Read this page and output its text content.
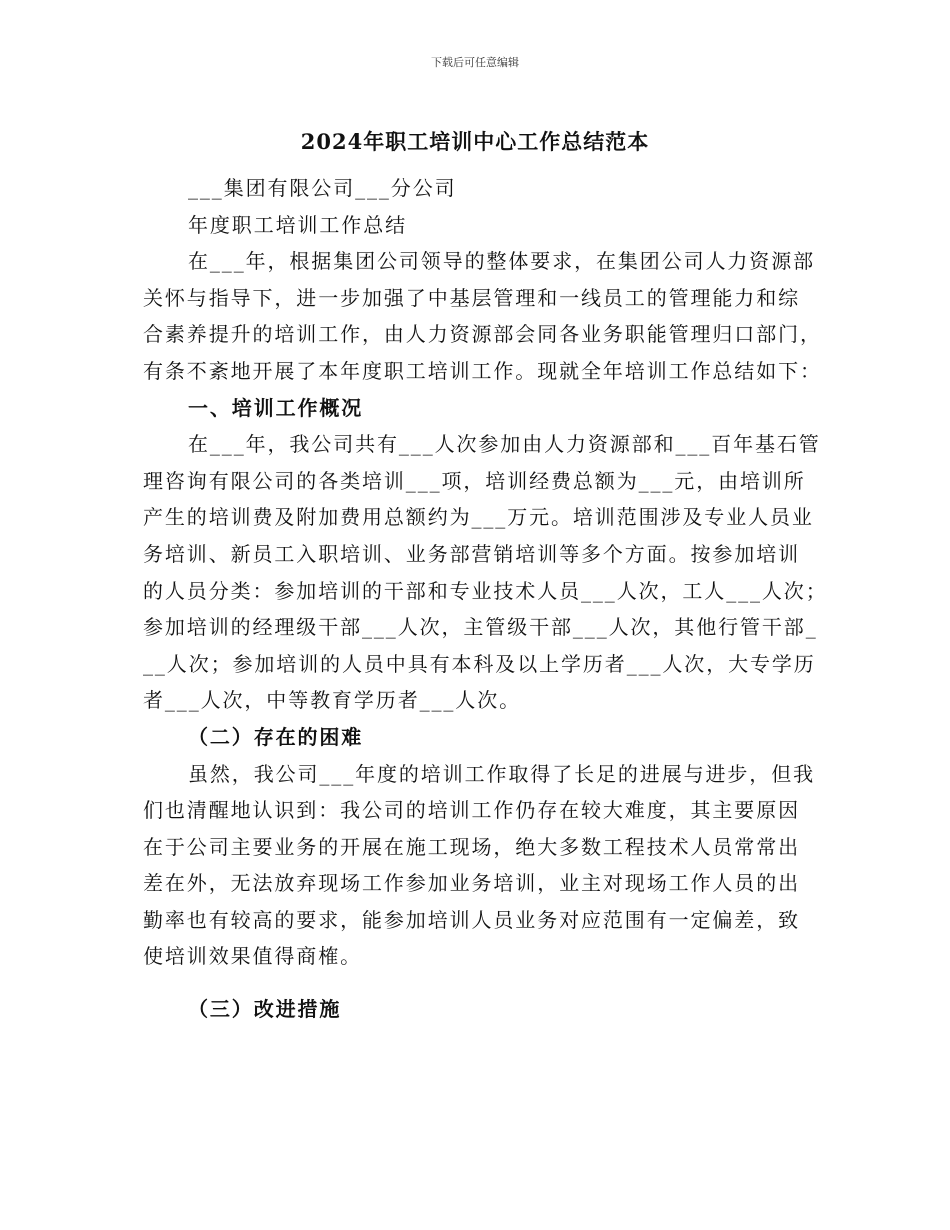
下载后可任意编辑
2024年职工培训中心工作总结范本
___集团有限公司___分公司
年度职工培训工作总结
在___年，根据集团公司领导的整体要求，在集团公司人力资源部
关怀与指导下，进一步加强了中基层管理和一线员工的管理能力和综
合素养提升的培训工作，由人力资源部会同各业务职能管理归口部门，
有条不紊地开展了本年度职工培训工作。现就全年培训工作总结如下：
一、培训工作概况
在___年，我公司共有___人次参加由人力资源部和___百年基石管
理咨询有限公司的各类培训___项，培训经费总额为___元，由培训所
产生的培训费及附加费用总额约为___万元。培训范围涉及专业人员业
务培训、新员工入职培训、业务部营销培训等多个方面。按参加培训
的人员分类：参加培训的干部和专业技术人员___人次，工人___人次；
参加培训的经理级干部___人次，主管级干部___人次，其他行管干部_
__人次；参加培训的人员中具有本科及以上学历者___人次，大专学历
者___人次，中等教育学历者___人次。
（二）存在的困难
虽然，我公司___年度的培训工作取得了长足的进展与进步，但我
们也清醒地认识到：我公司的培训工作仍存在较大难度，其主要原因
在于公司主要业务的开展在施工现场，绝大多数工程技术人员常常出
差在外，无法放弃现场工作参加业务培训，业主对现场工作人员的出
勤率也有较高的要求，能参加培训人员业务对应范围有一定偏差，致
使培训效果值得商榷。
（三）改进措施
